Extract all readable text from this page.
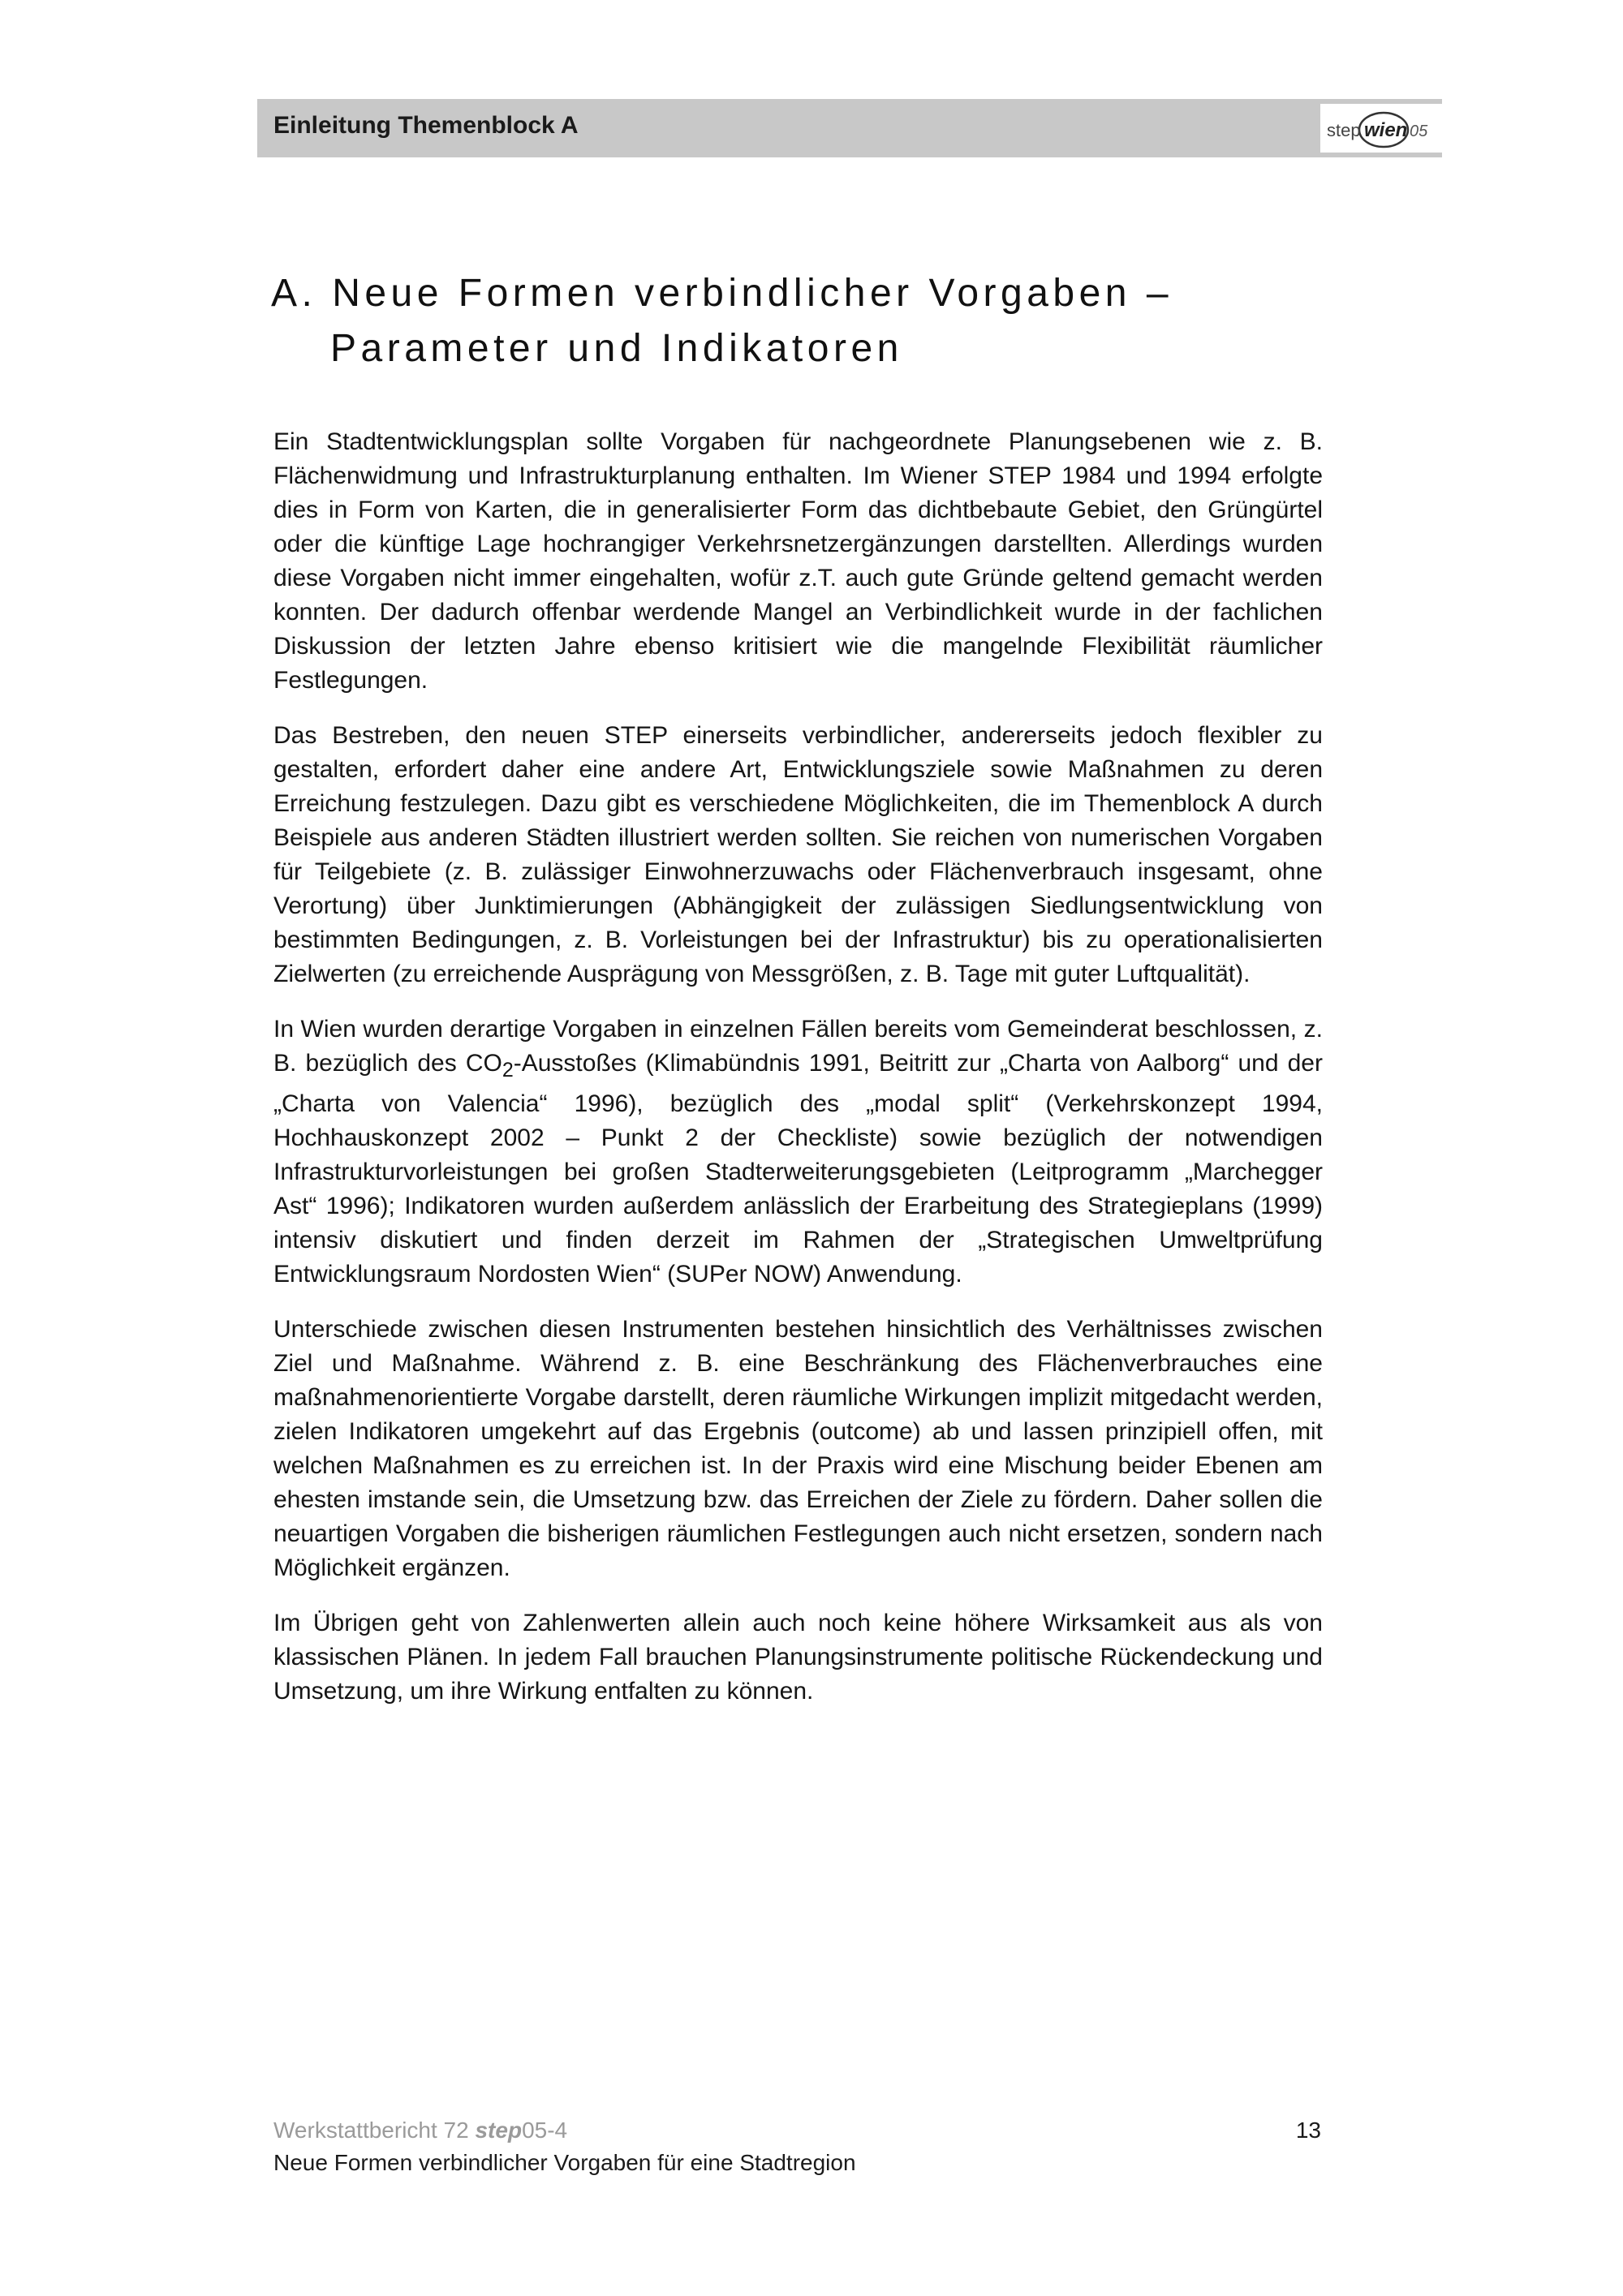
Einleitung Themenblock A	step wien 05
A. Neue Formen verbindlicher Vorgaben –
Parameter und Indikatoren

Ein Stadtentwicklungsplan sollte Vorgaben für nachgeordnete Planungsebenen wie z. B. Flächenwidmung und Infrastrukturplanung enthalten. Im Wiener STEP 1984 und 1994 erfolgte dies in Form von Karten, die in generalisierter Form das dichtbebaute Gebiet, den Grüngürtel oder die künftige Lage hochrangiger Verkehrsnetzergänzungen darstellten. Allerdings wurden diese Vorgaben nicht immer eingehalten, wofür z.T. auch gute Gründe geltend gemacht werden konnten. Der dadurch offenbar werdende Mangel an Verbindlichkeit wurde in der fachlichen Diskussion der letzten Jahre ebenso kritisiert wie die mangelnde Flexibilität räumlicher Festlegungen.

Das Bestreben, den neuen STEP einerseits verbindlicher, andererseits jedoch flexibler zu gestalten, erfordert daher eine andere Art, Entwicklungsziele sowie Maßnahmen zu deren Erreichung festzulegen. Dazu gibt es verschiedene Möglichkeiten, die im Themenblock A durch Beispiele aus anderen Städten illustriert werden sollten. Sie reichen von numerischen Vorgaben für Teilgebiete (z. B. zulässiger Einwohnerzuwachs oder Flächenverbrauch insgesamt, ohne Verortung) über Junktimierungen (Abhängigkeit der zulässigen Siedlungsentwicklung von bestimmten Bedingungen, z. B. Vorleistungen bei der Infrastruktur) bis zu operationalisierten Zielwerten (zu erreichende Ausprägung von Messgrößen, z. B. Tage mit guter Luftqualität).

In Wien wurden derartige Vorgaben in einzelnen Fällen bereits vom Gemeinderat beschlossen, z. B. bezüglich des $CO_2$-Ausstoßes (Klimabündnis 1991, Beitritt zur „Charta von Aalborg“ und der „Charta von Valencia“ 1996), bezüglich des „modal split“ (Verkehrskonzept 1994, Hochhauskonzept 2002 – Punkt 2 der Checkliste) sowie bezüglich der notwendigen Infrastrukturvorleistungen bei großen Stadterweiterungsgebieten (Leitprogramm „Marchegger Ast“ 1996); Indikatoren wurden außerdem anlässlich der Erarbeitung des Strategieplans (1999) intensiv diskutiert und finden derzeit im Rahmen der „Strategischen Umweltprüfung Entwicklungsraum Nordosten Wien“ (SUPer NOW) Anwendung.

Unterschiede zwischen diesen Instrumenten bestehen hinsichtlich des Verhältnisses zwischen Ziel und Maßnahme. Während z. B. eine Beschränkung des Flächenverbrauches eine maßnahmenorientierte Vorgabe darstellt, deren räumliche Wirkungen implizit mitgedacht werden, zielen Indikatoren umgekehrt auf das Ergebnis (outcome) ab und lassen prinzipiell offen, mit welchen Maßnahmen es zu erreichen ist. In der Praxis wird eine Mischung beider Ebenen am ehesten imstande sein, die Umsetzung bzw. das Erreichen der Ziele zu fördern. Daher sollen die neuartigen Vorgaben die bisherigen räumlichen Festlegungen auch nicht ersetzen, sondern nach Möglichkeit ergänzen.

Im Übrigen geht von Zahlenwerten allein auch noch keine höhere Wirksamkeit aus als von klassischen Plänen. In jedem Fall brauchen Planungsinstrumente politische Rückendeckung und Umsetzung, um ihre Wirkung entfalten zu können.

Werkstattbericht 72 step05-4
Neue Formen verbindlicher Vorgaben für eine Stadtregion
13
